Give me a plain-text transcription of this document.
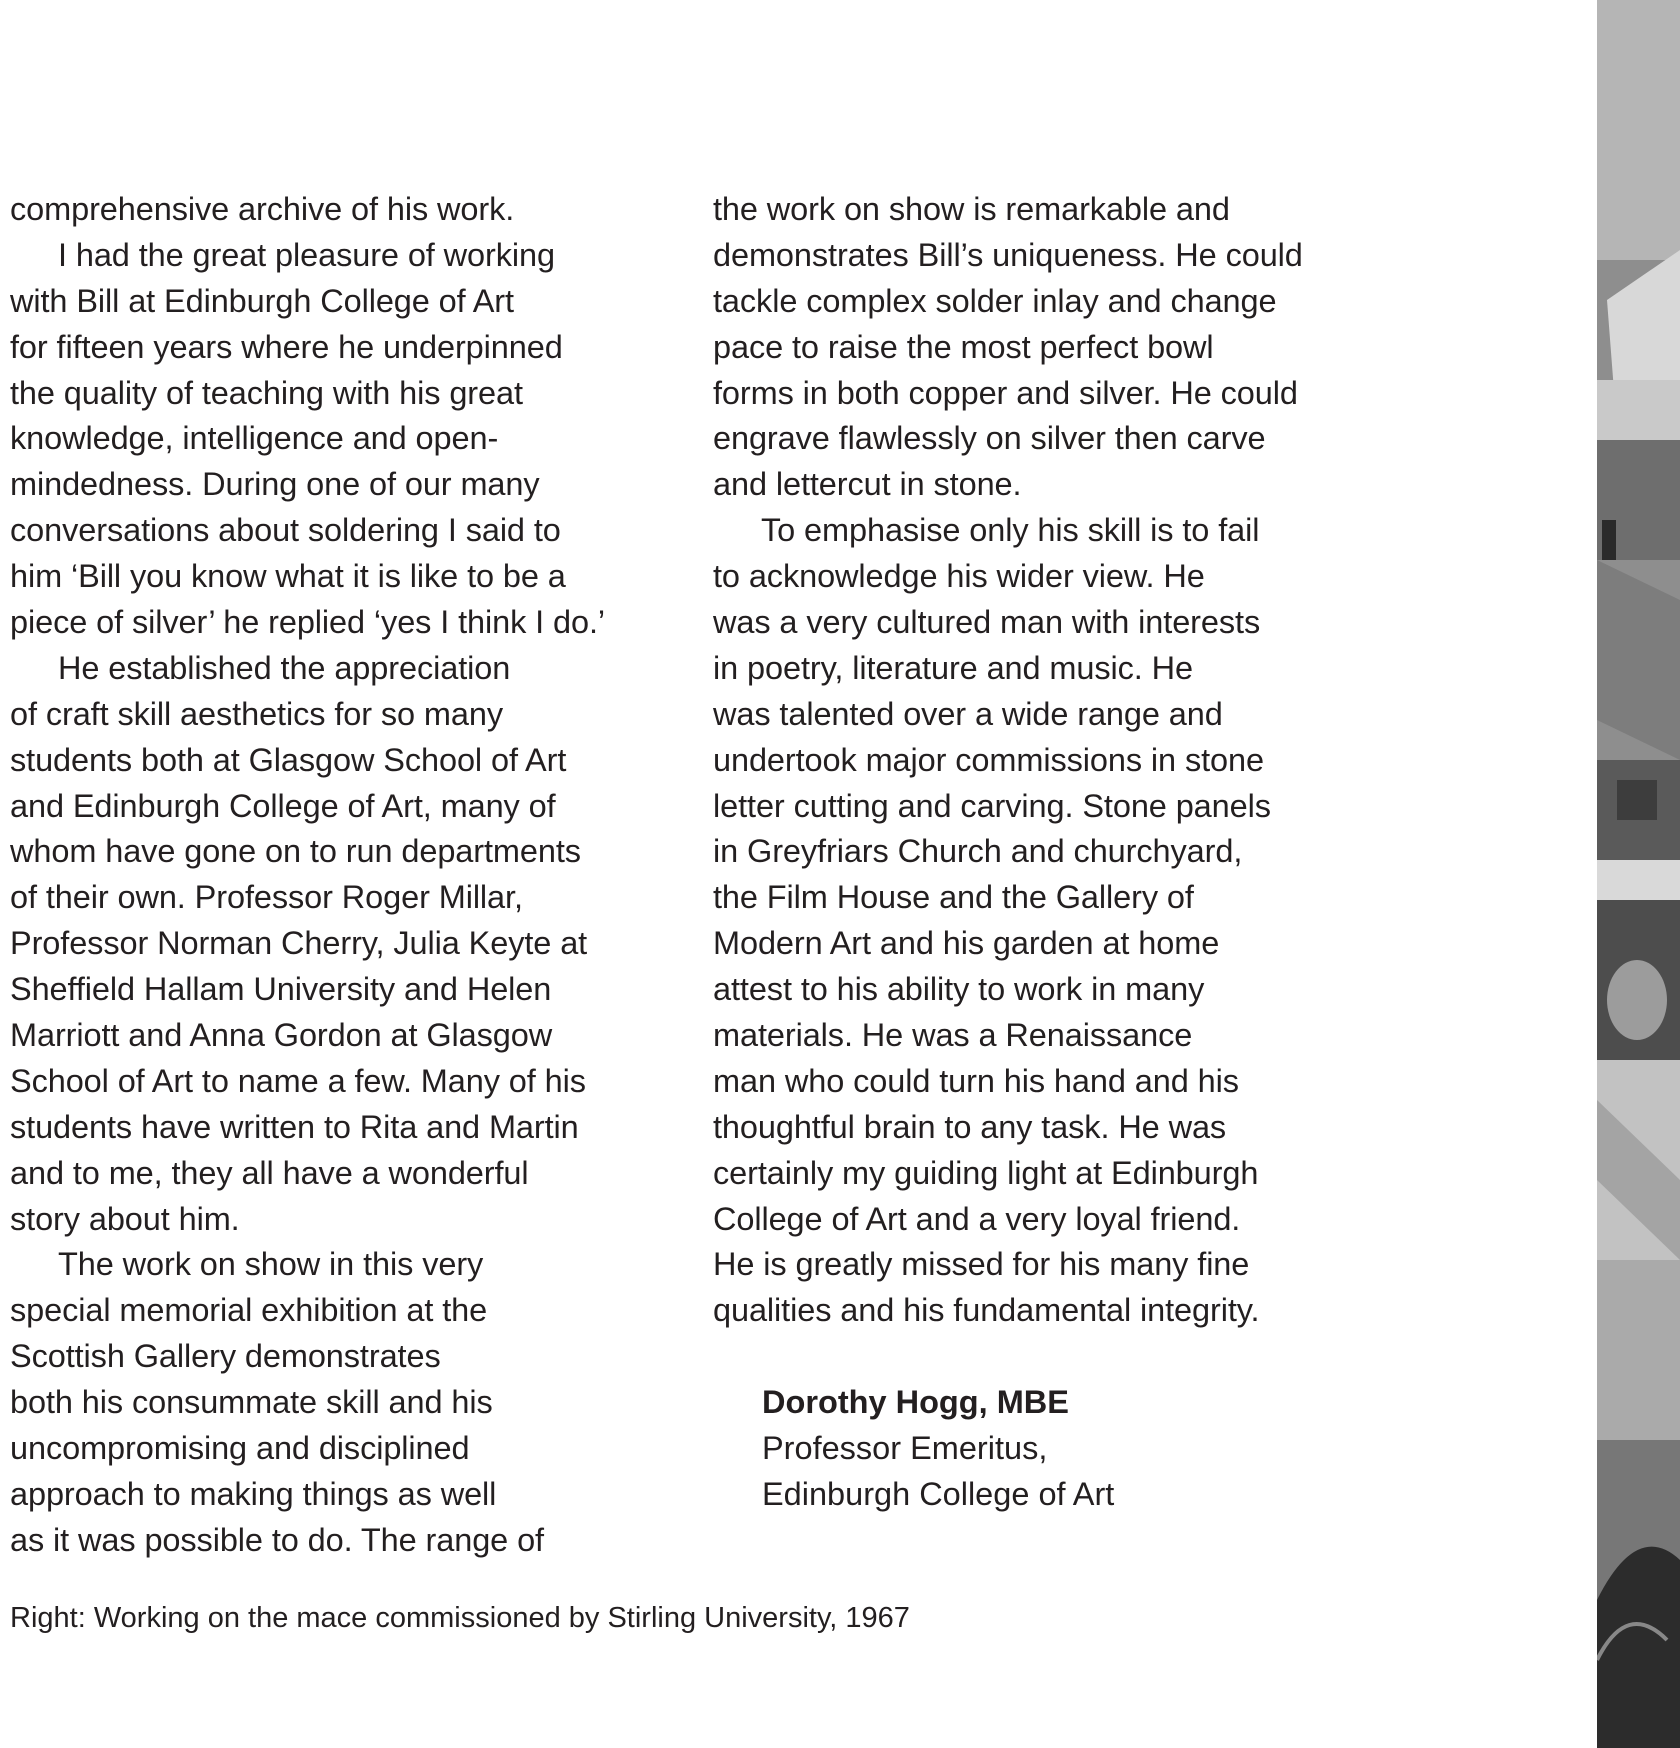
comprehensive archive of his work.
I had the great pleasure of working
with Bill at Edinburgh College of Art
for fifteen years where he underpinned
the quality of teaching with his great
knowledge, intelligence and open-
mindedness. During one of our many
conversations about soldering I said to
him ‘Bill you know what it is like to be a
piece of silver’ he replied ‘yes I think I do.’
He established the appreciation
of craft skill aesthetics for so many
students both at Glasgow School of Art
and Edinburgh College of Art, many of
whom have gone on to run departments
of their own. Professor Roger Millar,
Professor Norman Cherry, Julia Keyte at
Sheffield Hallam University and Helen
Marriott and Anna Gordon at Glasgow
School of Art to name a few. Many of his
students have written to Rita and Martin
and to me, they all have a wonderful
story about him.
The work on show in this very
special memorial exhibition at the
Scottish Gallery demonstrates
both his consummate skill and his
uncompromising and disciplined
approach to making things as well
as it was possible to do. The range of
the work on show is remarkable and
demonstrates Bill’s uniqueness. He could
tackle complex solder inlay and change
pace to raise the most perfect bowl
forms in both copper and silver. He could
engrave flawlessly on silver then carve
and lettercut in stone.
To emphasise only his skill is to fail
to acknowledge his wider view. He
was a very cultured man with interests
in poetry, literature and music. He
was talented over a wide range and
undertook major commissions in stone
letter cutting and carving. Stone panels
in Greyfriars Church and churchyard,
the Film House and the Gallery of
Modern Art and his garden at home
attest to his ability to work in many
materials. He was a Renaissance
man who could turn his hand and his
thoughtful brain to any task. He was
certainly my guiding light at Edinburgh
College of Art and a very loyal friend.
He is greatly missed for his many fine
qualities and his fundamental integrity.
Dorothy Hogg, MBE
Professor Emeritus,
Edinburgh College of Art
Right: Working on the mace commissioned by Stirling University, 1967
